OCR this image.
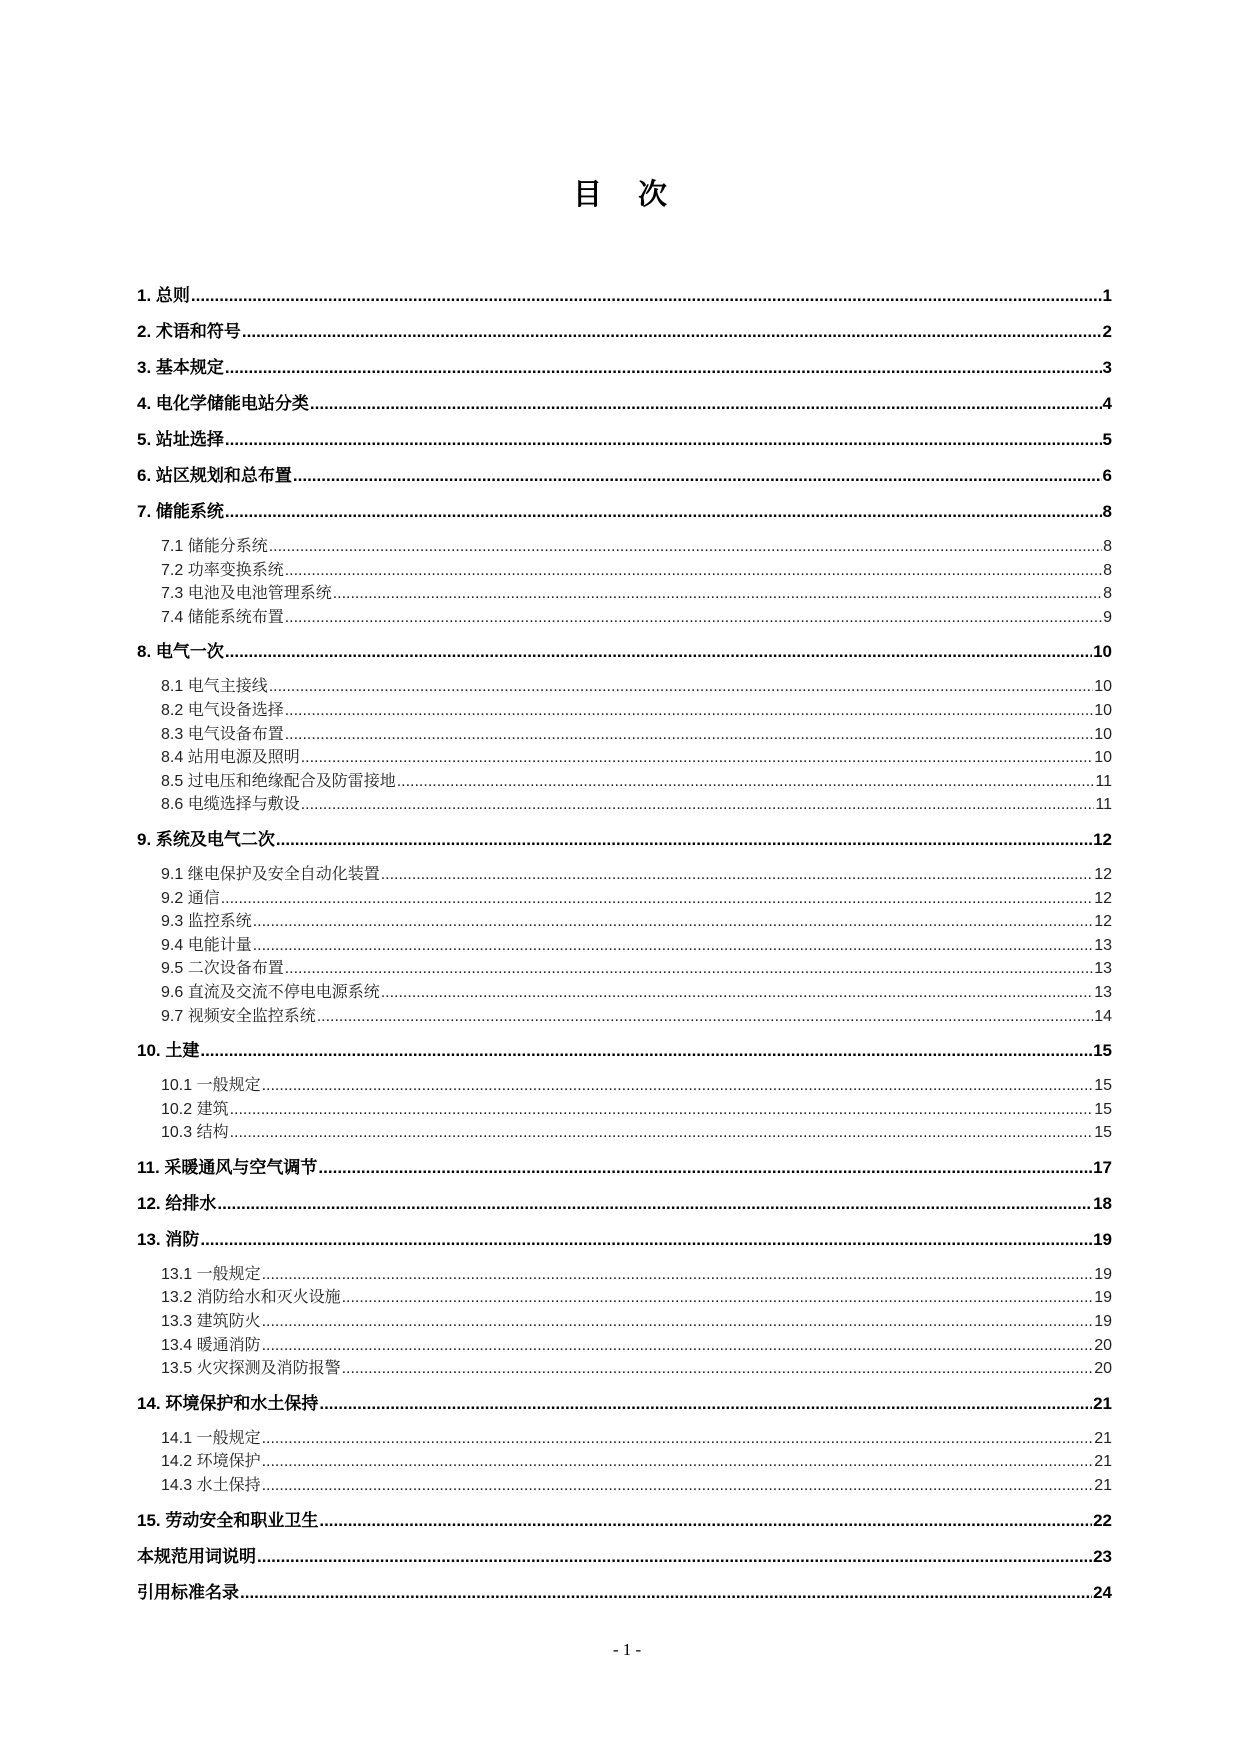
目 次
1. 总则 .....	1
2. 术语和符号 .....	2
3. 基本规定 .....	3
4. 电化学储能电站分类 .....	4
5. 站址选择 .....	5
6. 站区规划和总布置 .....	6
7. 储能系统 .....	8
7.1 储能分系统 .....	8
7.2 功率变换系统 .....	8
7.3 电池及电池管理系统 .....	8
7.4 储能系统布置 .....	9
8. 电气一次 .....	10
8.1 电气主接线 .....	10
8.2 电气设备选择 .....	10
8.3 电气设备布置 .....	10
8.4 站用电源及照明 .....	10
8.5 过电压和绝缘配合及防雷接地 .....	11
8.6 电缆选择与敷设 .....	11
9. 系统及电气二次 .....	12
9.1 继电保护及安全自动化装置 .....	12
9.2 通信 .....	12
9.3 监控系统 .....	12
9.4 电能计量 .....	13
9.5 二次设备布置 .....	13
9.6 直流及交流不停电电源系统 .....	13
9.7 视频安全监控系统 .....	14
10. 土建 .....	15
10.1 一般规定 .....	15
10.2 建筑 .....	15
10.3 结构 .....	15
11. 采暖通风与空气调节 .....	17
12. 给排水 .....	18
13. 消防 .....	19
13.1 一般规定 .....	19
13.2 消防给水和灭火设施 .....	19
13.3 建筑防火 .....	19
13.4 暖通消防 .....	20
13.5 火灾探测及消防报警 .....	20
14. 环境保护和水土保持 .....	21
14.1 一般规定 .....	21
14.2 环境保护 .....	21
14.3 水土保持 .....	21
15. 劳动安全和职业卫生 .....	22
本规范用词说明 .....	23
引用标准名录 .....	24
- 1 -
